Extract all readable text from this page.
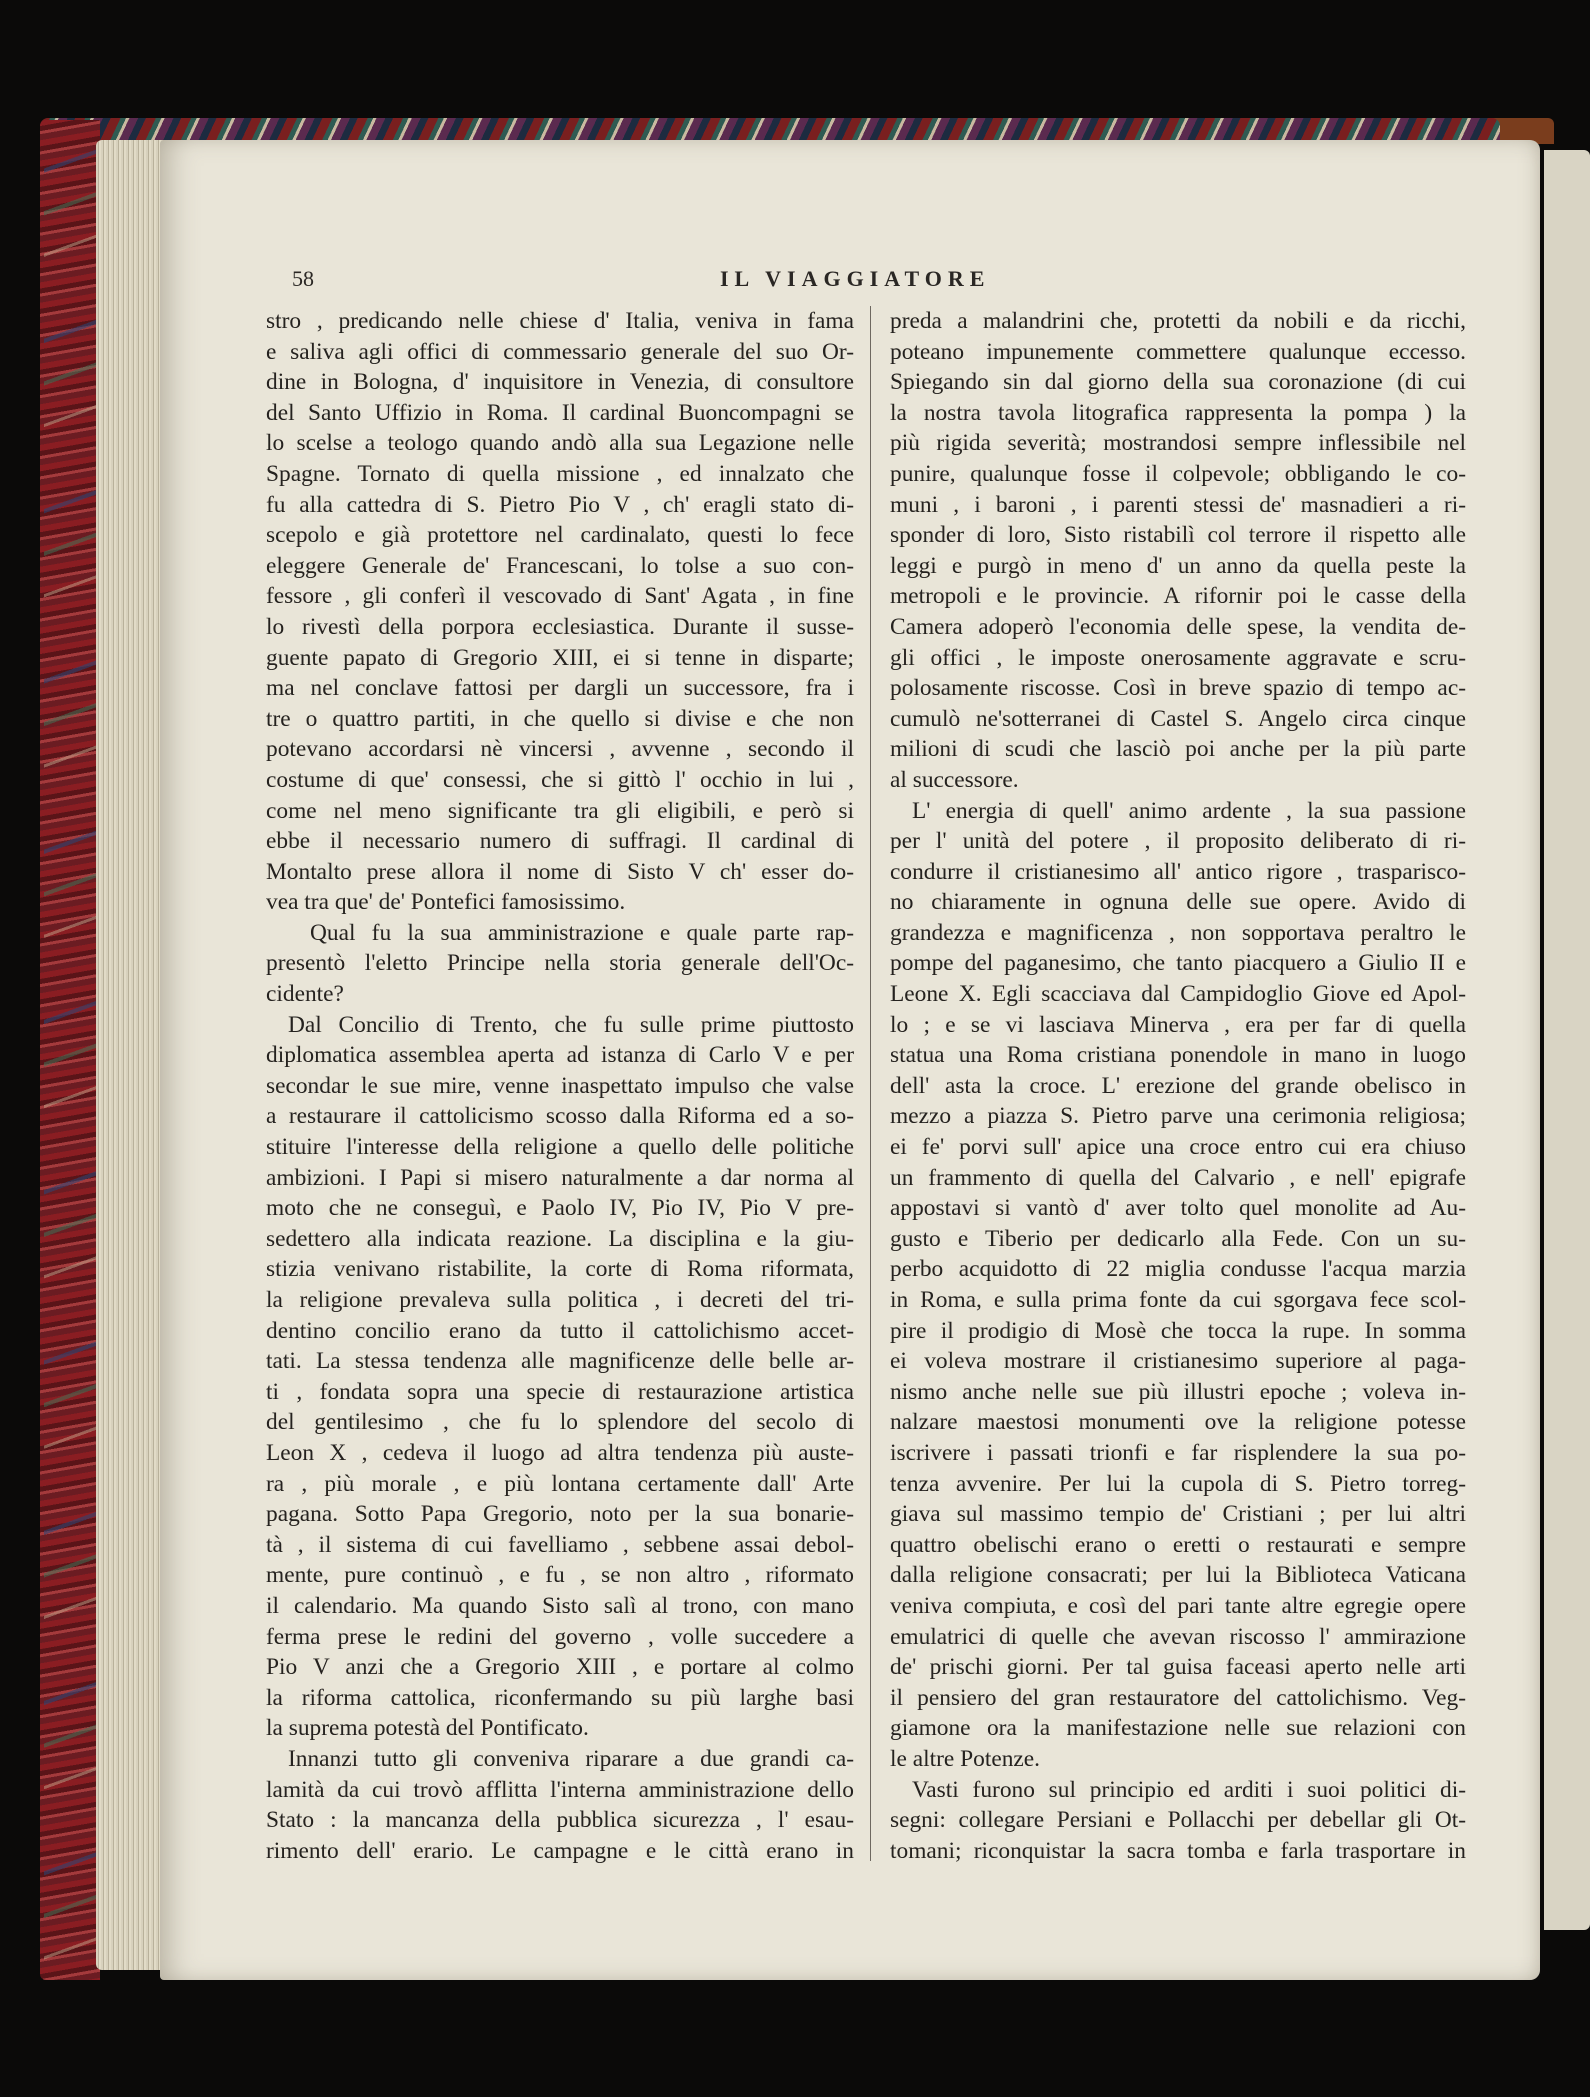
58	IL VIAGGIATORE
stro , predicando nelle chiese d' Italia, veniva in fama
e saliva agli offici di commessario generale del suo Or-
dine in Bologna, d' inquisitore in Venezia, di consultore
del Santo Uffizio in Roma. Il cardinal Buoncompagni se
lo scelse a teologo quando andò alla sua Legazione nelle
Spagne. Tornato di quella missione , ed innalzato che
fu alla cattedra di S. Pietro Pio V , ch' eragli stato di-
scepolo e già protettore nel cardinalato, questi lo fece
eleggere Generale de' Francescani, lo tolse a suo con-
fessore , gli conferì il vescovado di Sant' Agata , in fine
lo rivestì della porpora ecclesiastica. Durante il susse-
guente papato di Gregorio XIII, ei si tenne in disparte;
ma nel conclave fattosi per dargli un successore, fra i
tre o quattro partiti, in che quello si divise e che non
potevano accordarsi nè vincersi , avvenne , secondo il
costume di que' consessi, che si gittò l' occhio in lui ,
come nel meno significante tra gli eligibili, e però si
ebbe il necessario numero di suffragi. Il cardinal di
Montalto prese allora il nome di Sisto V ch' esser do-
vea tra que' de' Pontefici famosissimo.
Qual fu la sua amministrazione e quale parte rap-
presentò l'eletto Principe nella storia generale dell'Oc-
cidente?
Dal Concilio di Trento, che fu sulle prime piuttosto
diplomatica assemblea aperta ad istanza di Carlo V e per
secondar le sue mire, venne inaspettato impulso che valse
a restaurare il cattolicismo scosso dalla Riforma ed a so-
stituire l'interesse della religione a quello delle politiche
ambizioni. I Papi si misero naturalmente a dar norma al
moto che ne conseguì, e Paolo IV, Pio IV, Pio V pre-
sedettero alla indicata reazione. La disciplina e la giu-
stizia venivano ristabilite, la corte di Roma riformata,
la religione prevaleva sulla politica , i decreti del tri-
dentino concilio erano da tutto il cattolichismo accet-
tati. La stessa tendenza alle magnificenze delle belle ar-
ti , fondata sopra una specie di restaurazione artistica
del gentilesimo , che fu lo splendore del secolo di
Leon X , cedeva il luogo ad altra tendenza più auste-
ra , più morale , e più lontana certamente dall' Arte
pagana. Sotto Papa Gregorio, noto per la sua bonarie-
tà , il sistema di cui favelliamo , sebbene assai debol-
mente, pure continuò , e fu , se non altro , riformato
il calendario. Ma quando Sisto salì al trono, con mano
ferma prese le redini del governo , volle succedere a
Pio V anzi che a Gregorio XIII , e portare al colmo
la riforma cattolica, riconfermando su più larghe basi
la suprema potestà del Pontificato.
Innanzi tutto gli conveniva riparare a due grandi ca-
lamità da cui trovò afflitta l'interna amministrazione dello
Stato : la mancanza della pubblica sicurezza , l' esau-
rimento dell' erario. Le campagne e le città erano in
preda a malandrini che, protetti da nobili e da ricchi,
poteano impunemente commettere qualunque eccesso.
Spiegando sin dal giorno della sua coronazione (di cui
la nostra tavola litografica rappresenta la pompa ) la
più rigida severità; mostrandosi sempre inflessibile nel
punire, qualunque fosse il colpevole; obbligando le co-
muni , i baroni , i parenti stessi de' masnadieri a ri-
sponder di loro, Sisto ristabilì col terrore il rispetto alle
leggi e purgò in meno d' un anno da quella peste la
metropoli e le provincie. A rifornir poi le casse della
Camera adoperò l'economia delle spese, la vendita de-
gli offici , le imposte onerosamente aggravate e scru-
polosamente riscosse. Così in breve spazio di tempo ac-
cumulò ne'sotterranei di Castel S. Angelo circa cinque
milioni di scudi che lasciò poi anche per la più parte
al successore.
L' energia di quell' animo ardente , la sua passione
per l' unità del potere , il proposito deliberato di ri-
condurre il cristianesimo all' antico rigore , trasparisco-
no chiaramente in ognuna delle sue opere. Avido di
grandezza e magnificenza , non sopportava peraltro le
pompe del paganesimo, che tanto piacquero a Giulio II e
Leone X. Egli scacciava dal Campidoglio Giove ed Apol-
lo ; e se vi lasciava Minerva , era per far di quella
statua una Roma cristiana ponendole in mano in luogo
dell' asta la croce. L' erezione del grande obelisco in
mezzo a piazza S. Pietro parve una cerimonia religiosa;
ei fe' porvi sull' apice una croce entro cui era chiuso
un frammento di quella del Calvario , e nell' epigrafe
appostavi si vantò d' aver tolto quel monolite ad Au-
gusto e Tiberio per dedicarlo alla Fede. Con un su-
perbo acquidotto di 22 miglia condusse l'acqua marzia
in Roma, e sulla prima fonte da cui sgorgava fece scol-
pire il prodigio di Mosè che tocca la rupe. In somma
ei voleva mostrare il cristianesimo superiore al paga-
nismo anche nelle sue più illustri epoche ; voleva in-
nalzare maestosi monumenti ove la religione potesse
iscrivere i passati trionfi e far risplendere la sua po-
tenza avvenire. Per lui la cupola di S. Pietro torreg-
giava sul massimo tempio de' Cristiani ; per lui altri
quattro obelischi erano o eretti o restaurati e sempre
dalla religione consacrati; per lui la Biblioteca Vaticana
veniva compiuta, e così del pari tante altre egregie opere
emulatrici di quelle che avevan riscosso l' ammirazione
de' prischi giorni. Per tal guisa faceasi aperto nelle arti
il pensiero del gran restauratore del cattolichismo. Veg-
giamone ora la manifestazione nelle sue relazioni con
le altre Potenze.
Vasti furono sul principio ed arditi i suoi politici di-
segni: collegare Persiani e Pollacchi per debellar gli Ot-
tomani; riconquistar la sacra tomba e farla trasportare in
